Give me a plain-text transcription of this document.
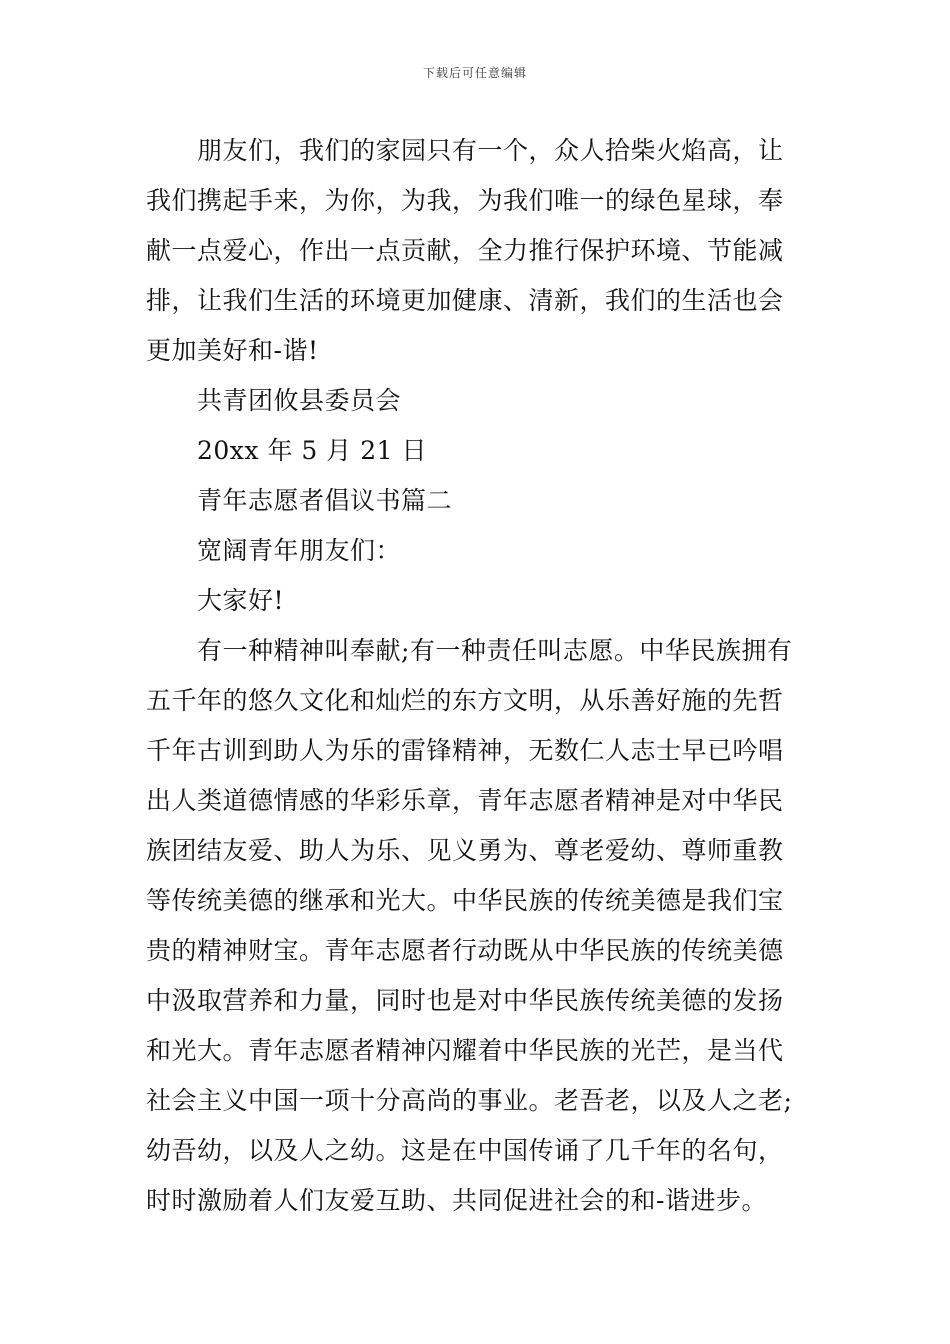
下载后可任意编辑
朋友们，我们的家园只有一个，众人拾柴火焰高，让
我们携起手来，为你，为我，为我们唯一的绿色星球，奉
献一点爱心，作出一点贡献，全力推行保护环境、节能减
排，让我们生活的环境更加健康、清新，我们的生活也会
更加美好和-谐!
共青团攸县委员会
20xx 年 5 月 21 日
青年志愿者倡议书篇二
宽阔青年朋友们：
大家好!
有一种精神叫奉献;有一种责任叫志愿。中华民族拥有
五千年的悠久文化和灿烂的东方文明，从乐善好施的先哲
千年古训到助人为乐的雷锋精神，无数仁人志士早已吟唱
出人类道德情感的华彩乐章，青年志愿者精神是对中华民
族团结友爱、助人为乐、见义勇为、尊老爱幼、尊师重教
等传统美德的继承和光大。中华民族的传统美德是我们宝
贵的精神财宝。青年志愿者行动既从中华民族的传统美德
中汲取营养和力量，同时也是对中华民族传统美德的发扬
和光大。青年志愿者精神闪耀着中华民族的光芒，是当代
社会主义中国一项十分高尚的事业。老吾老，以及人之老;
幼吾幼，以及人之幼。这是在中国传诵了几千年的名句，
时时激励着人们友爱互助、共同促进社会的和-谐进步。
